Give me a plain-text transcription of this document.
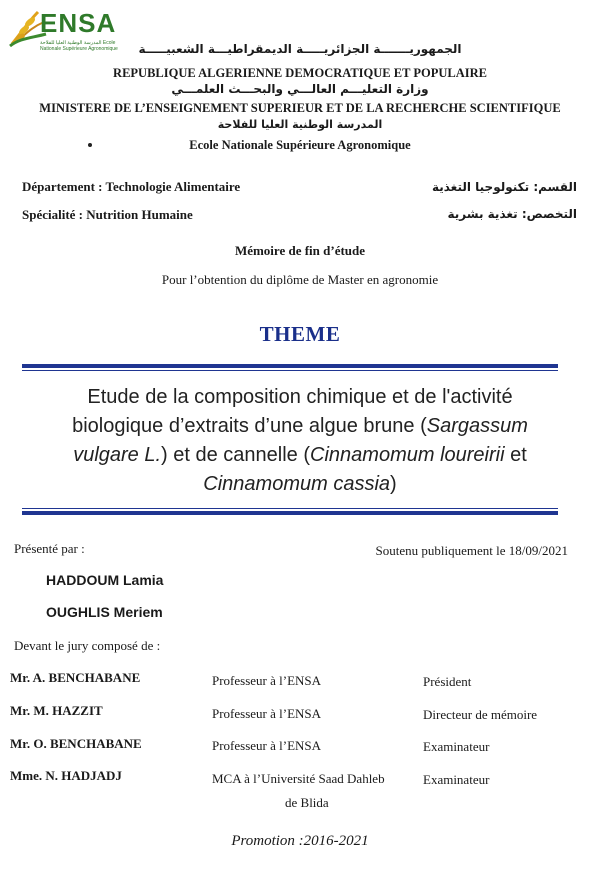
ENSA
المدرسة الوطنية العليا للفلاحة Ecole Nationale Supérieure Agronomique	الجمهوريـــــــة الجزائريـــــة الديمقراطيـــة الشعبيـــــة
REPUBLIQUE ALGERIENNE DEMOCRATIQUE ET POPULAIRE
وزارة التعليـــم العالـــي والبحـــث العلمـــي
MINISTERE DE L’ENSEIGNEMENT SUPERIEUR ET DE LA RECHERCHE SCIENTIFIQUE
المدرسة الوطنية العليا للفلاحة
Ecole Nationale Supérieure Agronomique
Département : Technologie Alimentaire	القسم: تكنولوجيا التغذية
Spécialité : Nutrition Humaine	التخصص: تغذية بشرية
Mémoire de fin d’étude
Pour l’obtention du diplôme de Master en agronomie
THEME
Etude de la composition chimique et de l'activité biologique d’extraits d’une algue brune (Sargassum vulgare L.) et de cannelle (Cinnamomum loureirii et Cinnamomum cassia)
Présenté par :	Soutenu publiquement le 18/09/2021
HADDOUM Lamia
OUGHLIS Meriem
Devant le jury composé de :
Mr. A. BENCHABANE	Professeur à l’ENSA	Président
Mr. M. HAZZIT	Professeur à l’ENSA	Directeur de mémoire
Mr. O. BENCHABANE	Professeur à l’ENSA	Examinateur
Mme. N. HADJADJ	MCA à l’Université Saad Dahleb	Examinateur
de Blida
Promotion :2016-2021
